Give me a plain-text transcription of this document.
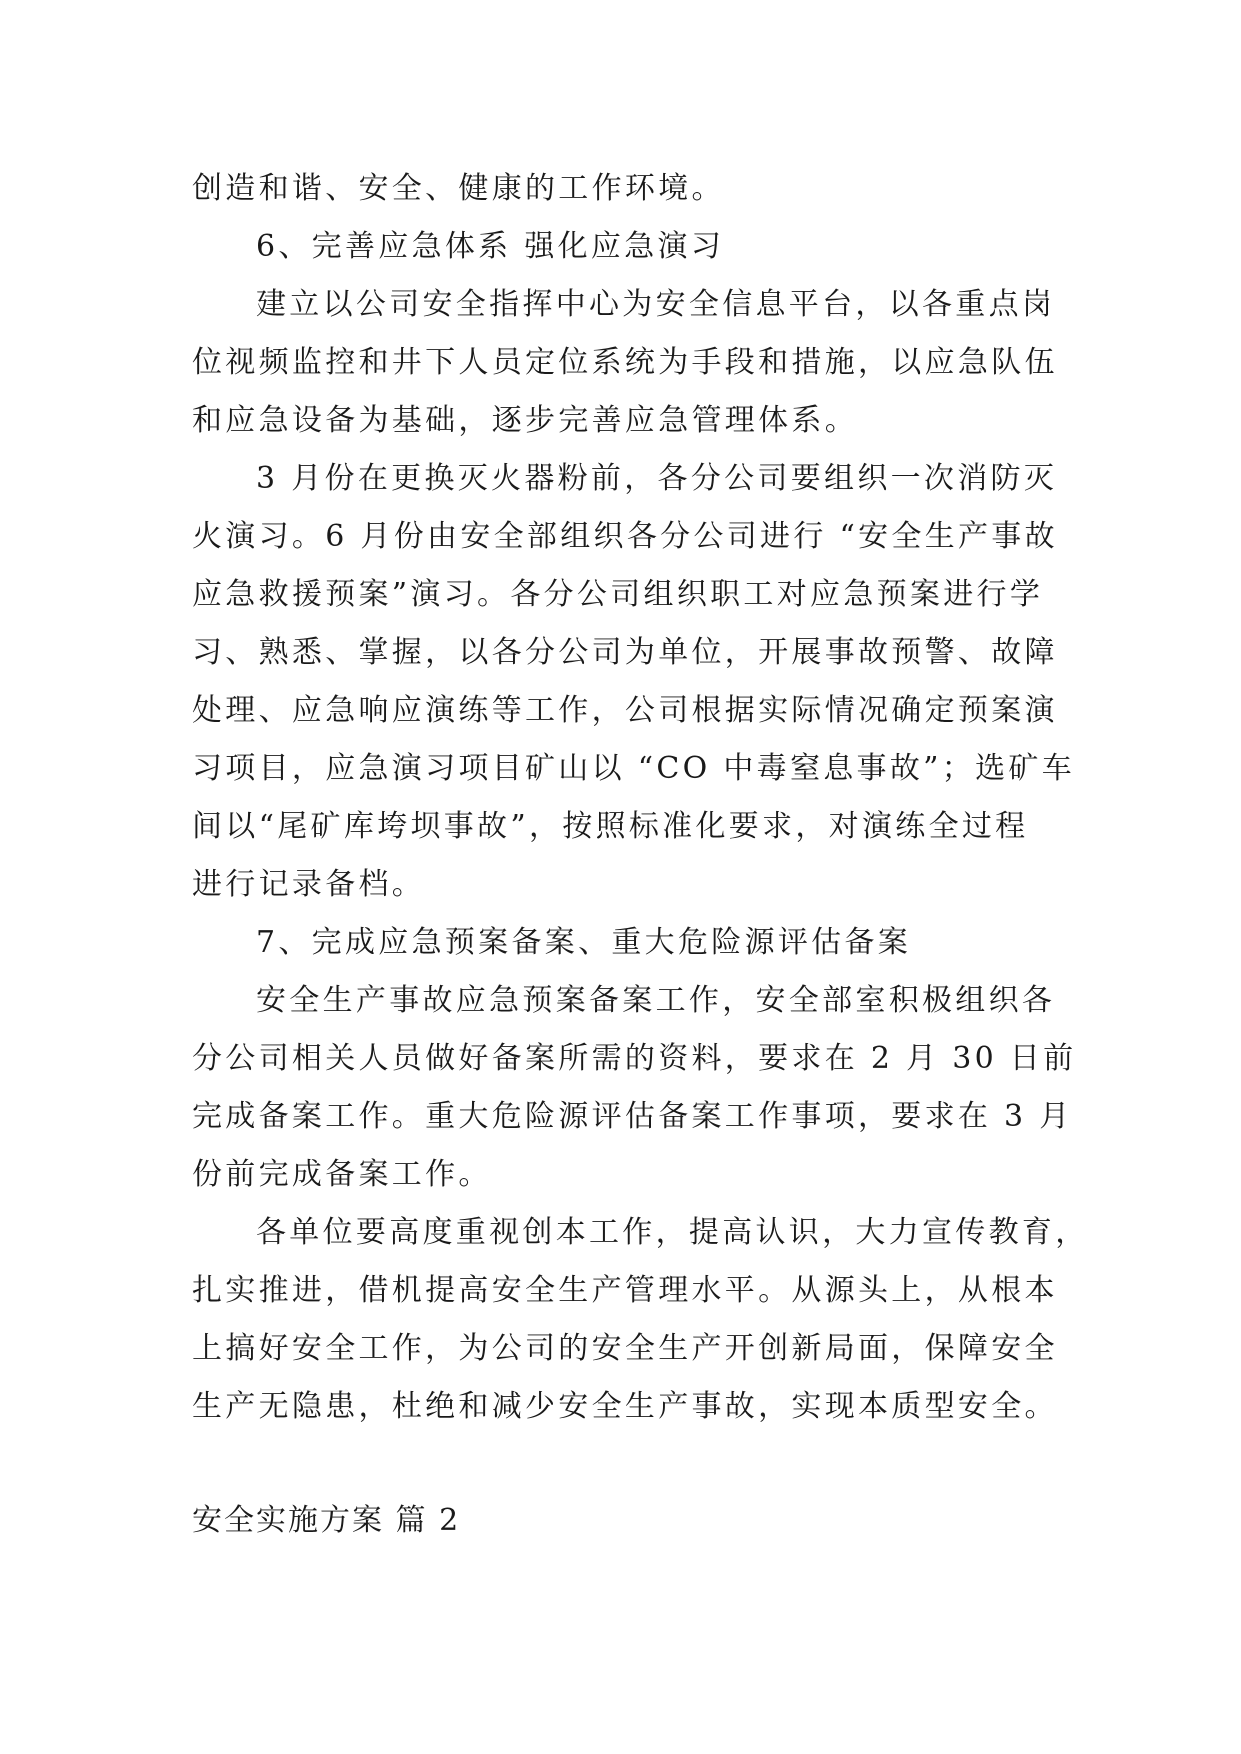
创造和谐、安全、健康的工作环境。
6、完善应急体系 强化应急演习
建立以公司安全指挥中心为安全信息平台，以各重点岗
位视频监控和井下人员定位系统为手段和措施，以应急队伍
和应急设备为基础，逐步完善应急管理体系。
3 月份在更换灭火器粉前，各分公司要组织一次消防灭
火演习。6 月份由安全部组织各分公司进行 “安全生产事故
应急救援预案”演习。各分公司组织职工对应急预案进行学
习、熟悉、掌握，以各分公司为单位，开展事故预警、故障
处理、应急响应演练等工作，公司根据实际情况确定预案演
习项目，应急演习项目矿山以 “CO 中毒窒息事故”；选矿车
间以“尾矿库垮坝事故”，按照标准化要求，对演练全过程
进行记录备档。
7、完成应急预案备案、重大危险源评估备案
安全生产事故应急预案备案工作，安全部室积极组织各
分公司相关人员做好备案所需的资料，要求在 2 月 30 日前
完成备案工作。重大危险源评估备案工作事项，要求在 3 月
份前完成备案工作。
各单位要高度重视创本工作，提高认识，大力宣传教育，
扎实推进，借机提高安全生产管理水平。从源头上，从根本
上搞好安全工作，为公司的安全生产开创新局面，保障安全
生产无隐患，杜绝和减少安全生产事故，实现本质型安全。
安全实施方案 篇 2
